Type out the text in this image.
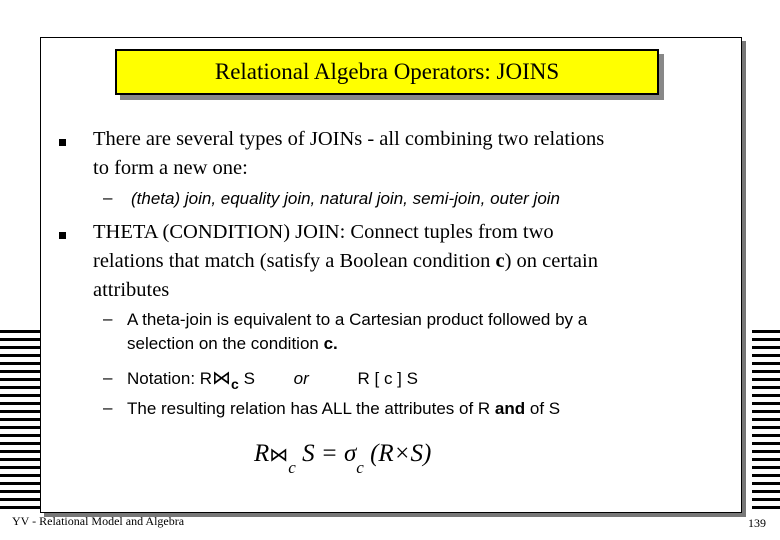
Relational Algebra Operators: JOINS
There are several types of JOINs - all combining two relations
to form a new one:
– (theta) join, equality join, natural join, semi-join, outer join
THETA (CONDITION) JOIN: Connect tuples from two
relations that match (satisfy a Boolean condition c) on certain
attributes
– A theta-join is equivalent to a Cartesian product followed by a
selection on the condition c.
– Notation: $R⋈_c$ S or	R [ c ] S
– The resulting relation has ALL the attributes of R and of S
$R⋈_c$ $S = \sigma_c$ (R×S)
YV - Relational Model and Algebra	139
